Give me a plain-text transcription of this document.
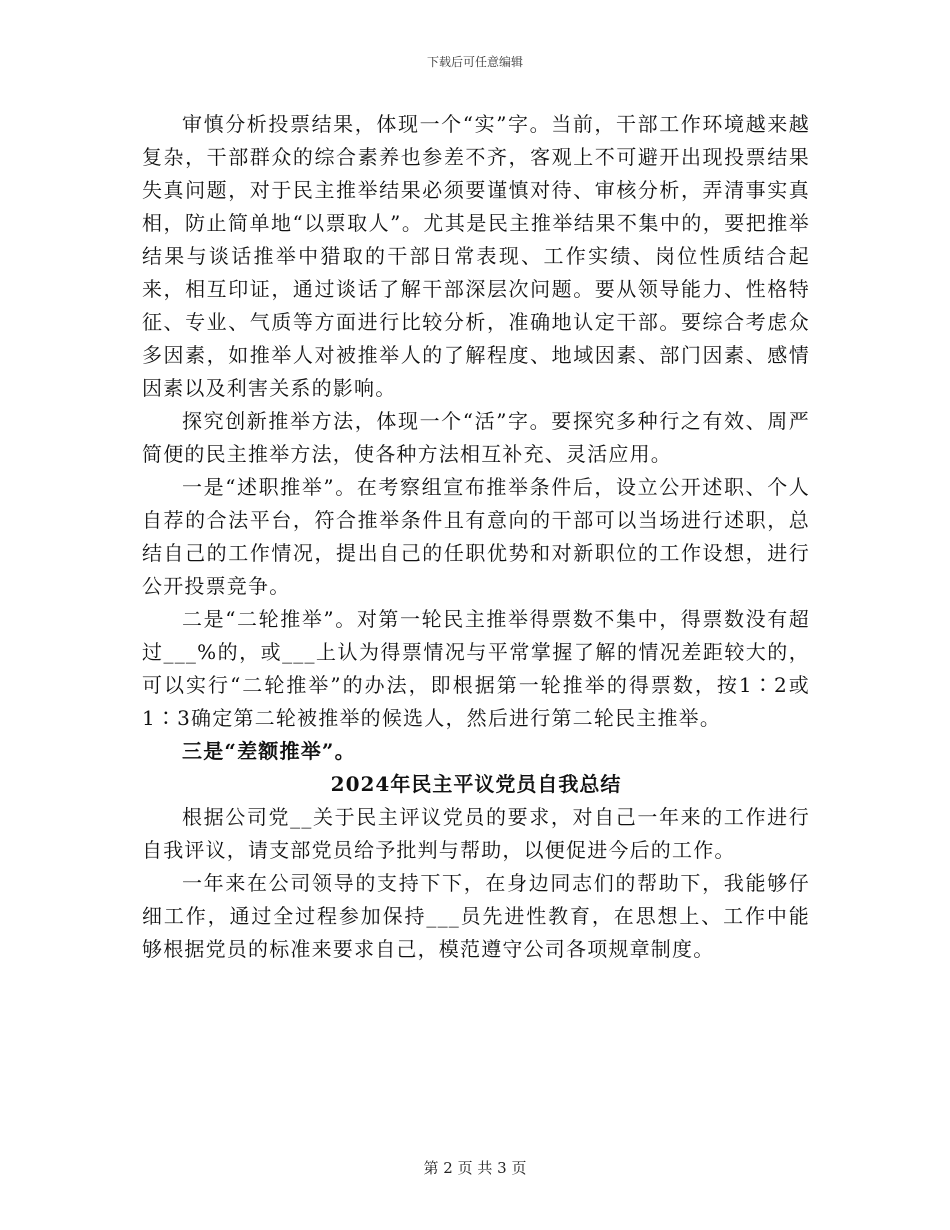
下载后可任意编辑

审慎分析投票结果，体现一个“实”字。当前，干部工作环境越来越复杂，干部群众的综合素养也参差不齐，客观上不可避开出现投票结果失真问题，对于民主推举结果必须要谨慎对待、审核分析，弄清事实真相，防止简单地“以票取人”。尤其是民主推举结果不集中的，要把推举结果与谈话推举中猎取的干部日常表现、工作实绩、岗位性质结合起来，相互印证，通过谈话了解干部深层次问题。要从领导能力、性格特征、专业、气质等方面进行比较分析，准确地认定干部。要综合考虑众多因素，如推举人对被推举人的了解程度、地域因素、部门因素、感情因素以及利害关系的影响。

探究创新推举方法，体现一个“活”字。要探究多种行之有效、周严简便的民主推举方法，使各种方法相互补充、灵活应用。

一是“述职推举”。在考察组宣布推举条件后，设立公开述职、个人自荐的合法平台，符合推举条件且有意向的干部可以当场进行述职，总结自己的工作情况，提出自己的任职优势和对新职位的工作设想，进行公开投票竞争。

二是“二轮推举”。对第一轮民主推举得票数不集中，得票数没有超过___%的，或___上认为得票情况与平常掌握了解的情况差距较大的，可以实行“二轮推举”的办法，即根据第一轮推举的得票数，按1∶2或1∶3确定第二轮被推举的候选人，然后进行第二轮民主推举。

三是“差额推举”。

2024年民主平议党员自我总结

根据公司党__关于民主评议党员的要求，对自己一年来的工作进行自我评议，请支部党员给予批判与帮助，以便促进今后的工作。

一年来在公司领导的支持下下，在身边同志们的帮助下，我能够仔细工作，通过全过程参加保持___员先进性教育，在思想上、工作中能够根据党员的标准来要求自己，模范遵守公司各项规章制度。

第 2 页 共 3 页
